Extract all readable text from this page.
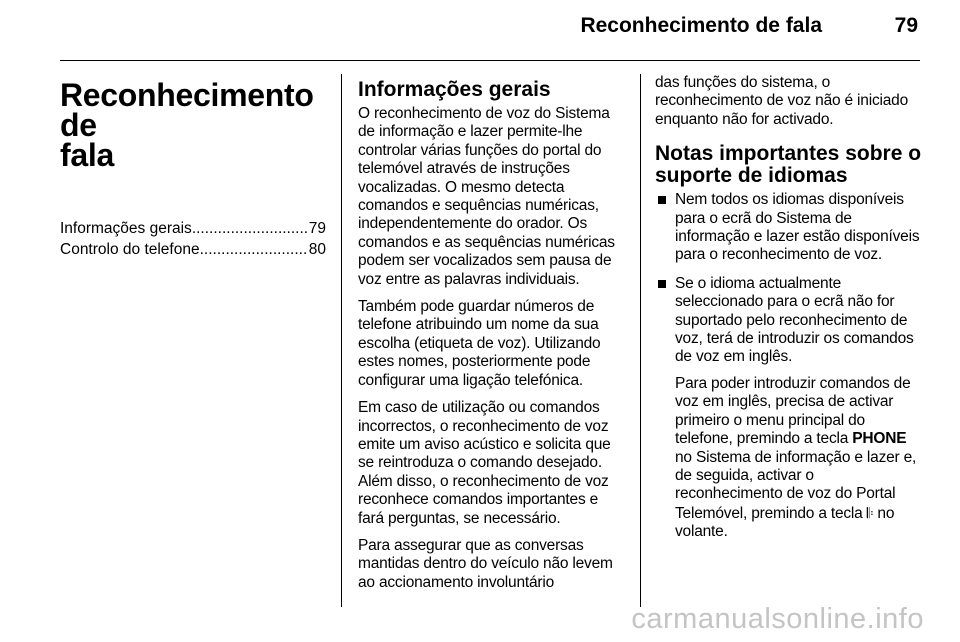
Reconhecimento de fala	79
Reconhecimento de
fala
Informações gerais .....	79
Controlo do telefone .....	80
Informações gerais

O reconhecimento de voz do Sistema de informação e lazer permite-lhe controlar várias funções do portal do telemóvel através de instruções vocalizadas. O mesmo detecta comandos e sequências numéricas, independentemente do orador. Os comandos e as sequências numéricas podem ser vocalizados sem pausa de voz entre as palavras individuais.

Também pode guardar números de telefone atribuindo um nome da sua escolha (etiqueta de voz). Utilizando estes nomes, posteriormente pode configurar uma ligação telefónica.

Em caso de utilização ou comandos incorrectos, o reconhecimento de voz emite um aviso acústico e solicita que se reintroduza o comando desejado. Além disso, o reconhecimento de voz reconhece comandos importantes e fará perguntas, se necessário.

Para assegurar que as conversas mantidas dentro do veículo não levem ao accionamento involuntário

das funções do sistema, o reconhecimento de voz não é iniciado enquanto não for activado.

Notas importantes sobre o suporte de idiomas

Nem todos os idiomas disponíveis para o ecrã do Sistema de informação e lazer estão disponíveis para o reconhecimento de voz.

Se o idioma actualmente seleccionado para o ecrã não for suportado pelo reconhecimento de voz, terá de introduzir os comandos de voz em inglês.

Para poder introduzir comandos de voz em inglês, precisa de activar primeiro o menu principal do telefone, premindo a tecla PHONE no Sistema de informação e lazer e, de seguida, activar o reconhecimento de voz do Portal Telemóvel, premindo a tecla 𝄆 no volante.

carmanualsonline.info
